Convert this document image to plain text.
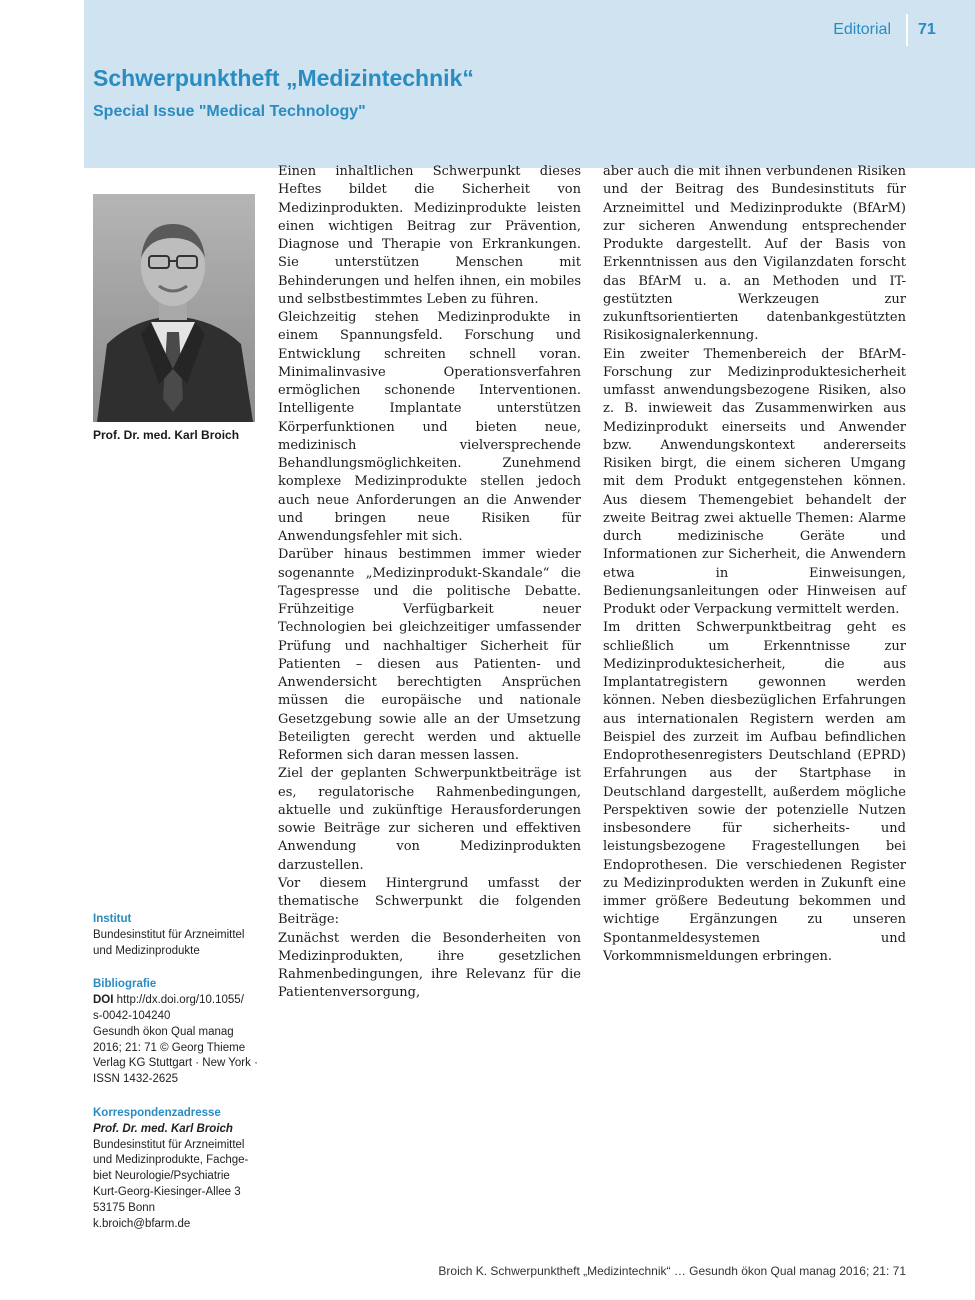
Editorial 71
Schwerpunktheft „Medizintechnik“
Special Issue "Medical Technology"
Prof. Dr. med. Karl Broich

Einen inhaltlichen Schwerpunkt dieses Heftes bildet die Sicherheit von Medizinprodukten. Medizinprodukte leisten einen wichtigen Beitrag zur Prävention, Diagnose und Therapie von Erkrankungen. Sie unterstützen Menschen mit Behinderungen und helfen ihnen, ein mobiles und selbstbestimmtes Leben zu führen.

Gleichzeitig stehen Medizinprodukte in einem Spannungsfeld. Forschung und Entwicklung schreiten schnell voran. Minimalinvasive Operationsverfahren ermöglichen schonende Interventionen. Intelligente Implantate unterstützen Körperfunktionen und bieten neue, medizinisch vielversprechende Behandlungsmöglichkeiten. Zunehmend komplexe Medizinprodukte stellen jedoch auch neue Anforderungen an die Anwender und bringen neue Risiken für Anwendungsfehler mit sich.

Darüber hinaus bestimmen immer wieder sogenannte „Medizinprodukt-Skandale“ die Tagespresse und die politische Debatte. Frühzeitige Verfügbarkeit neuer Technologien bei gleichzeitiger umfassender Prüfung und nachhaltiger Sicherheit für Patienten – diesen aus Patienten- und Anwendersicht berechtigten Ansprüchen müssen die europäische und nationale Gesetzgebung sowie alle an der Umsetzung Beteiligten gerecht werden und aktuelle Reformen sich daran messen lassen.

Ziel der geplanten Schwerpunktbeiträge ist es, regulatorische Rahmenbedingungen, aktuelle und zukünftige Herausforderungen sowie Beiträge zur sicheren und effektiven Anwendung von Medizinprodukten darzustellen.

Vor diesem Hintergrund umfasst der thematische Schwerpunkt die folgenden Beiträge:

Zunächst werden die Besonderheiten von Medizinprodukten, ihre gesetzlichen Rahmenbedingungen, ihre Relevanz für die Patientenversorgung,

aber auch die mit ihnen verbundenen Risiken und der Beitrag des Bundesinstituts für Arzneimittel und Medizinprodukte (BfArM) zur sicheren Anwendung entsprechender Produkte dargestellt. Auf der Basis von Erkenntnissen aus den Vigilanzdaten forscht das BfArM u. a. an Methoden und IT-gestützten Werkzeugen zur zukunftsorientierten datenbankgestützten Risikosignalerkennung.

Ein zweiter Themenbereich der BfArM-Forschung zur Medizinproduktesicherheit umfasst anwendungsbezogene Risiken, also z. B. inwieweit das Zusammenwirken aus Medizinprodukt einerseits und Anwender bzw. Anwendungskontext andererseits Risiken birgt, die einem sicheren Umgang mit dem Produkt entgegenstehen können. Aus diesem Themengebiet behandelt der zweite Beitrag zwei aktuelle Themen: Alarme durch medizinische Geräte und Informationen zur Sicherheit, die Anwendern etwa in Einweisungen, Bedienungsanleitungen oder Hinweisen auf Produkt oder Verpackung vermittelt werden.

Im dritten Schwerpunktbeitrag geht es schließlich um Erkenntnisse zur Medizinproduktesicherheit, die aus Implantatregistern gewonnen werden können. Neben diesbezüglichen Erfahrungen aus internationalen Registern werden am Beispiel des zurzeit im Aufbau befindlichen Endoprothesenregisters Deutschland (EPRD) Erfahrungen aus der Startphase in Deutschland dargestellt, außerdem mögliche Perspektiven sowie der potenzielle Nutzen insbesondere für sicherheits- und leistungsbezogene Fragestellungen bei Endoprothesen. Die verschiedenen Register zu Medizinprodukten werden in Zukunft eine immer größere Bedeutung bekommen und wichtige Ergänzungen zu unseren Spontanmeldesystemen und Vorkommnismeldungen erbringen.

Institut
Bundesinstitut für Arzneimittel
und Medizinprodukte
Bibliografie
DOI http://dx.doi.org/10.1055/
s-0042-104240
Gesundh ökon Qual manag
2016; 21: 71 © Georg Thieme
Verlag KG Stuttgart · New York ·
ISSN 1432-2625
Korrespondenzadresse
Prof. Dr. med. Karl Broich
Bundesinstitut für Arzneimittel
und Medizinprodukte, Fachge-
biet Neurologie/Psychiatrie
Kurt-Georg-Kiesinger-Allee 3
53175 Bonn
k.broich@bfarm.de
Broich K. Schwerpunktheft „Medizintechnik“ … Gesundh ökon Qual manag 2016; 21: 71
